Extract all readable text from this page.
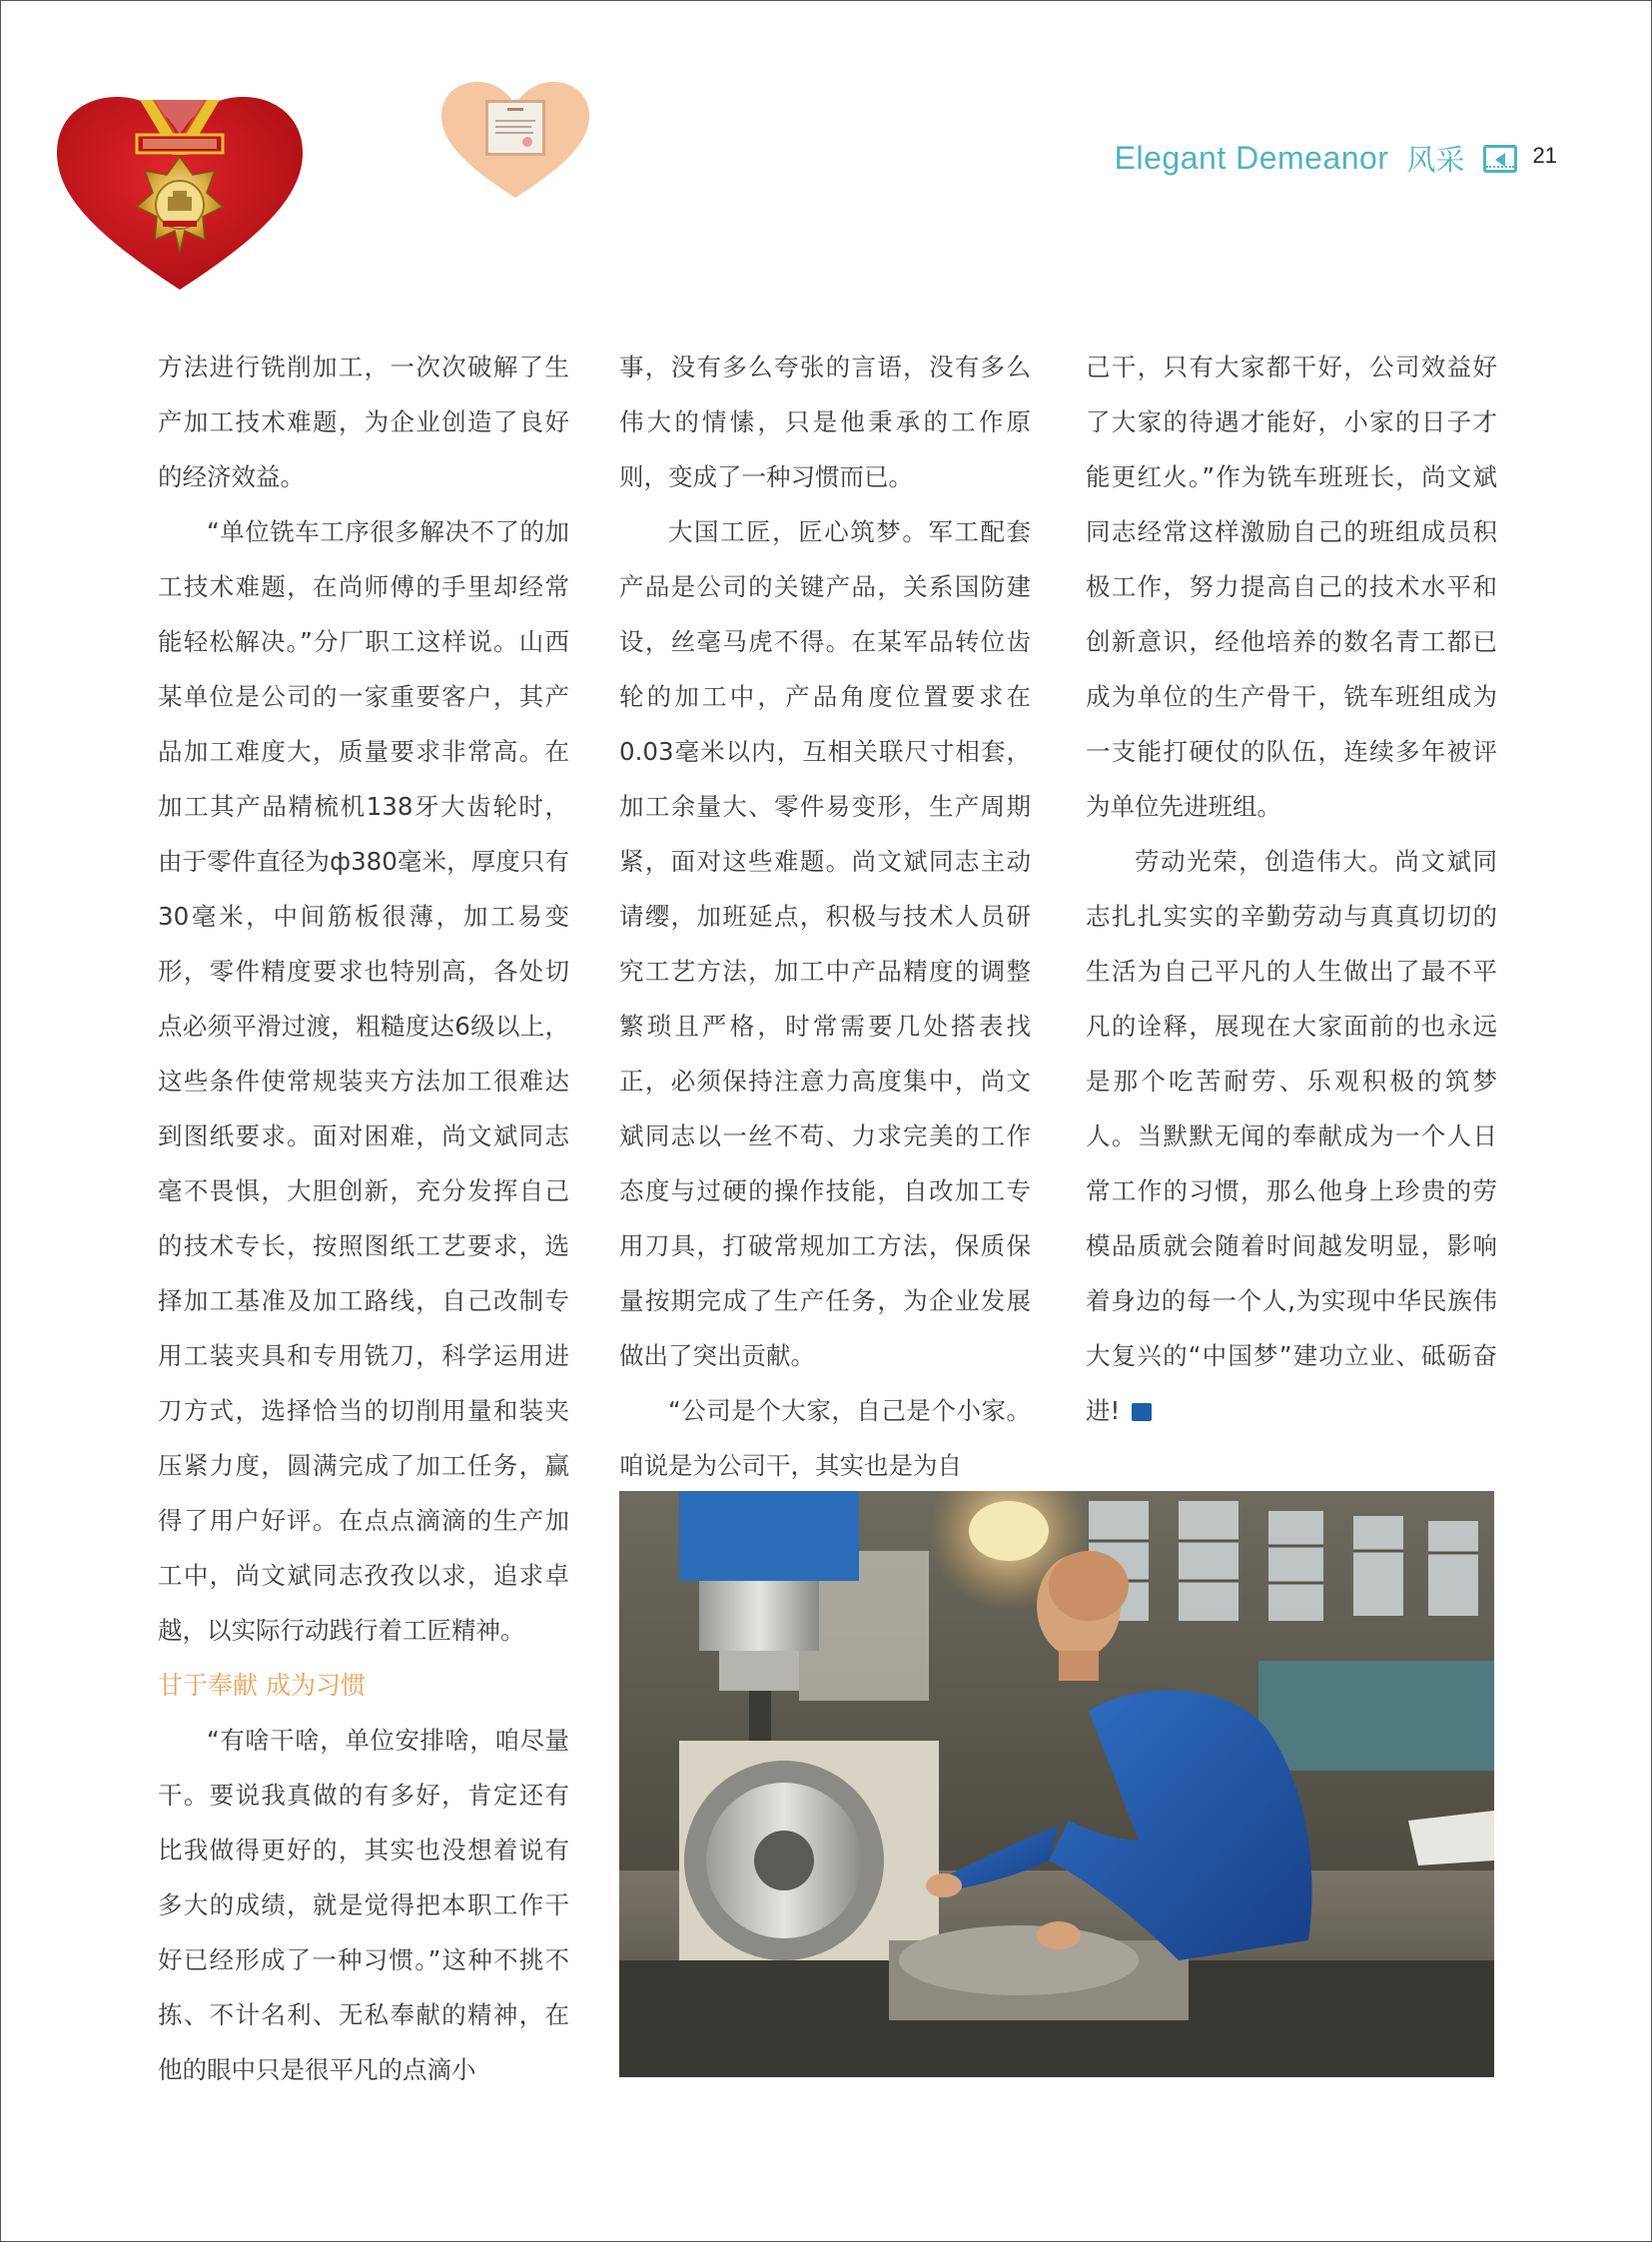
Elegant Demeanor 风采	21

方法进行铣削加工，一次次破解了生产加工技术难题，为企业创造了良好的经济效益。

“单位铣车工序很多解决不了的加工技术难题，在尚师傅的手里却经常能轻松解决。”分厂职工这样说。山西某单位是公司的一家重要客户，其产品加工难度大，质量要求非常高。在加工其产品精梳机138牙大齿轮时，由于零件直径为ф380毫米，厚度只有30毫米，中间筋板很薄，加工易变形，零件精度要求也特别高，各处切点必须平滑过渡，粗糙度达6级以上，这些条件使常规装夹方法加工很难达到图纸要求。面对困难，尚文斌同志毫不畏惧，大胆创新，充分发挥自己的技术专长，按照图纸工艺要求，选择加工基准及加工路线，自己改制专用工装夹具和专用铣刀，科学运用进刀方式，选择恰当的切削用量和装夹压紧力度，圆满完成了加工任务，赢得了用户好评。在点点滴滴的生产加工中，尚文斌同志孜孜以求，追求卓越，以实际行动践行着工匠精神。

甘于奉献 成为习惯

“有啥干啥，单位安排啥，咱尽量干。要说我真做的有多好，肯定还有比我做得更好的，其实也没想着说有多大的成绩，就是觉得把本职工作干好已经形成了一种习惯。”这种不挑不拣、不计名利、无私奉献的精神，在他的眼中只是很平凡的点滴小

事，没有多么夸张的言语，没有多么伟大的情愫，只是他秉承的工作原则，变成了一种习惯而已。

大国工匠，匠心筑梦。军工配套产品是公司的关键产品，关系国防建设，丝毫马虎不得。在某军品转位齿轮的加工中，产品角度位置要求在0.03毫米以内，互相关联尺寸相套，加工余量大、零件易变形，生产周期紧，面对这些难题。尚文斌同志主动请缨，加班延点，积极与技术人员研究工艺方法，加工中产品精度的调整繁琐且严格，时常需要几处搭表找正，必须保持注意力高度集中，尚文斌同志以一丝不苟、力求完美的工作态度与过硬的操作技能，自改加工专用刀具，打破常规加工方法，保质保量按期完成了生产任务，为企业发展做出了突出贡献。

“公司是个大家，自己是个小家。咱说是为公司干，其实也是为自

己干，只有大家都干好，公司效益好了大家的待遇才能好，小家的日子才能更红火。”作为铣车班班长，尚文斌同志经常这样激励自己的班组成员积极工作，努力提高自己的技术水平和创新意识，经他培养的数名青工都已成为单位的生产骨干，铣车班组成为一支能打硬仗的队伍，连续多年被评为单位先进班组。

劳动光荣，创造伟大。尚文斌同志扎扎实实的辛勤劳动与真真切切的生活为自己平凡的人生做出了最不平凡的诠释，展现在大家面前的也永远是那个吃苦耐劳、乐观积极的筑梦人。当默默无闻的奉献成为一个人日常工作的习惯，那么他身上珍贵的劳模品质就会随着时间越发明显，影响着身边的每一个人,为实现中华民族伟大复兴的“中国梦”建功立业、砥砺奋进!	S
